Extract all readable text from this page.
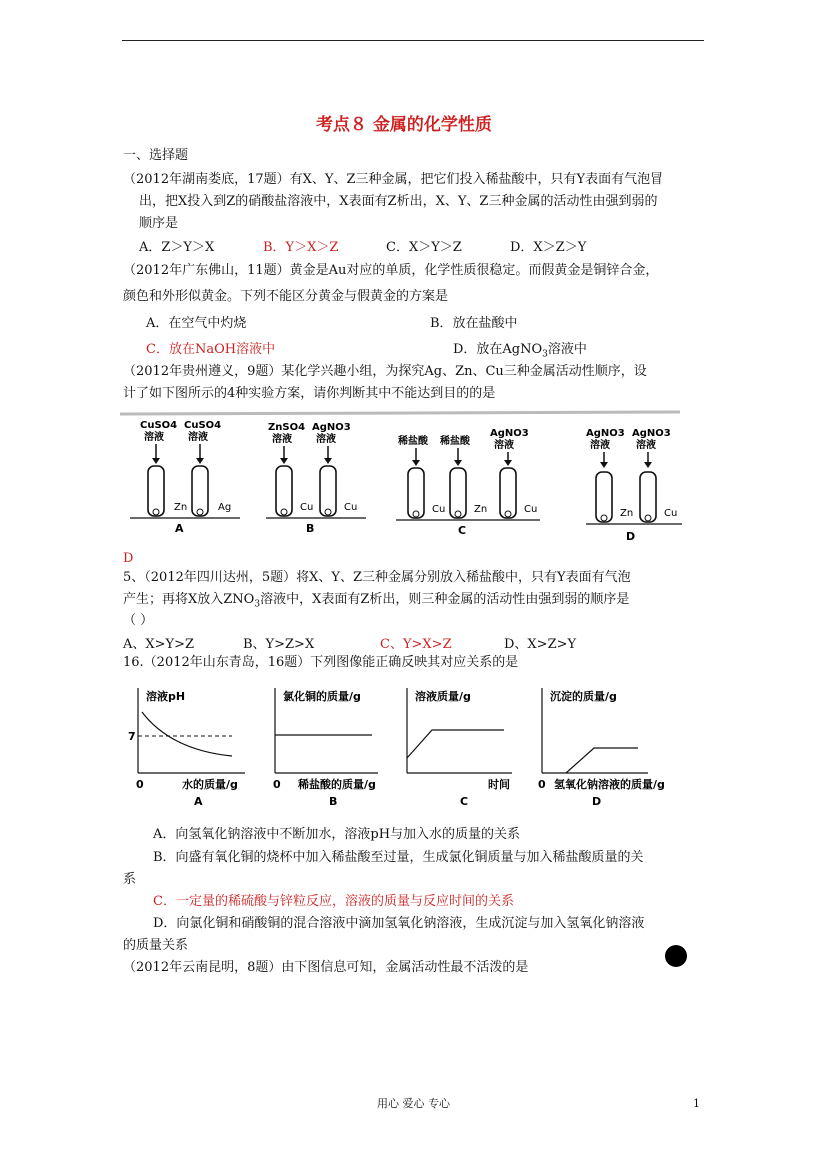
考点８ 金属的化学性质
一、选择题
（2012年湖南娄底，17题）有X、Y、Z三种金属，把它们投入稀盐酸中，只有Y表面有气泡冒
出，把X投入到Z的硝酸盐溶液中，X表面有Z析出，X、Y、Z三种金属的活动性由强到弱的
顺序是
A．Z＞Y＞X	B．Y＞X＞Z	C．X＞Y＞Z	D．X＞Z＞Y
（2012年广东佛山，11题）黄金是Au对应的单质，化学性质很稳定。而假黄金是铜锌合金，
颜色和外形似黄金。下列不能区分黄金与假黄金的方案是
A．在空气中灼烧	B．放在盐酸中
C．放在NaOH溶液中	D．放在AgNO$_3$溶液中
（2012年贵州遵义，9题）某化学兴趣小组，为探究Ag、Zn、Cu三种金属活动性顺序，设
计了如下图所示的4种实验方案，请你判断其中不能达到目的的是
CuSO4
溶液
CuSO4
溶液
Zn	Ag
A
ZnSO4
溶液
AgNO3
溶液
Cu	Cu
B
稀盐酸 稀盐酸
AgNO3
溶液
Cu	Zn	Cu
C
AgNO3
溶液
AgNO3
溶液
Zn	Cu
D
D
5、（2012年四川达州，5题）将X、Y、Z三种金属分别放入稀盐酸中，只有Y表面有气泡
产生；再将X放入$ZNO_3$溶液中，X表面有Z析出，则三种金属的活动性由强到弱的顺序是
（ ）
A、X>Y>Z	B、Y>Z>X	C、Y>X>Z	D、X>Z>Y
16.（2012年山东青岛，16题）下列图像能正确反映其对应关系的是
溶液pH
7
0	水的质量/g
A
氯化铜的质量/g
0 稀盐酸的质量/g
B
溶液质量/g
时间
C
沉淀的质量/g
0 氢氧化钠溶液的质量/g
D
A．向氢氧化钠溶液中不断加水，溶液pH与加入水的质量的关系
B．向盛有氧化铜的烧杯中加入稀盐酸至过量，生成氯化铜质量与加入稀盐酸质量的关
系
C．一定量的稀硫酸与锌粒反应，溶液的质量与反应时间的关系
D．向氯化铜和硝酸铜的混合溶液中滴加氢氧化钠溶液，生成沉淀与加入氢氧化钠溶液
的质量关系
（2012年云南昆明，8题）由下图信息可知，金属活动性最不活泼的是
用心 爱心 专心	1
